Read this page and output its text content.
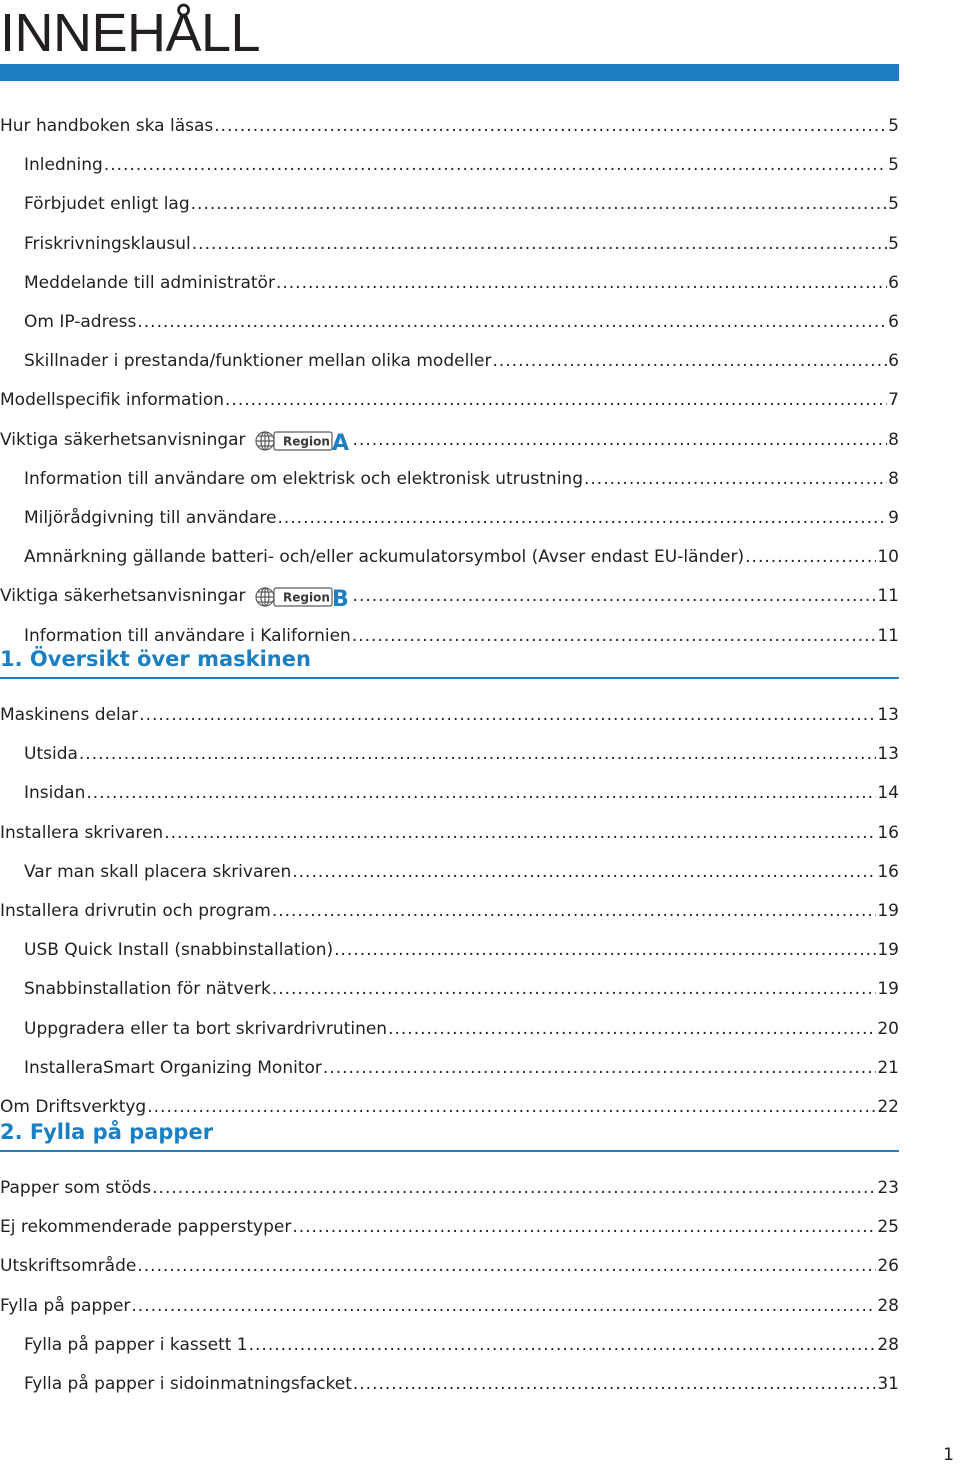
INNEHÅLL
Hur handboken ska läsas .....	5
Inledning .....	5
Förbjudet enligt lag .....	5
Friskrivningsklausul .....	5
Meddelande till administratör .....	6
Om IP-adress .....	6
Skillnader i prestanda/funktioner mellan olika modeller .....	6
Modellspecifik information .....	7
Viktiga säkerhetsanvisningar	Region A .....	8
Information till användare om elektrisk och elektronisk utrustning .....	8
Miljörådgivning till användare .....	9
Amnärkning gällande batteri- och/eller ackumulatorsymbol (Avser endast EU-länder) .....	10
Viktiga säkerhetsanvisningar	Region B .....	11
Information till användare i Kalifornien .....	11
1. Översikt över maskinen
Maskinens delar .....	13
Utsida .....	13
Insidan .....	14
Installera skrivaren .....	16
Var man skall placera skrivaren .....	16
Installera drivrutin och program .....	19
USB Quick Install (snabbinstallation) .....	19
Snabbinstallation för nätverk .....	19
Uppgradera eller ta bort skrivardrivrutinen .....	20
InstalleraSmart Organizing Monitor .....	21
Om Driftsverktyg .....	22
2. Fylla på papper
Papper som stöds .....	23
Ej rekommenderade papperstyper .....	25
Utskriftsområde .....	26
Fylla på papper .....	28
Fylla på papper i kassett 1 .....	28
Fylla på papper i sidoinmatningsfacket .....	31
1
